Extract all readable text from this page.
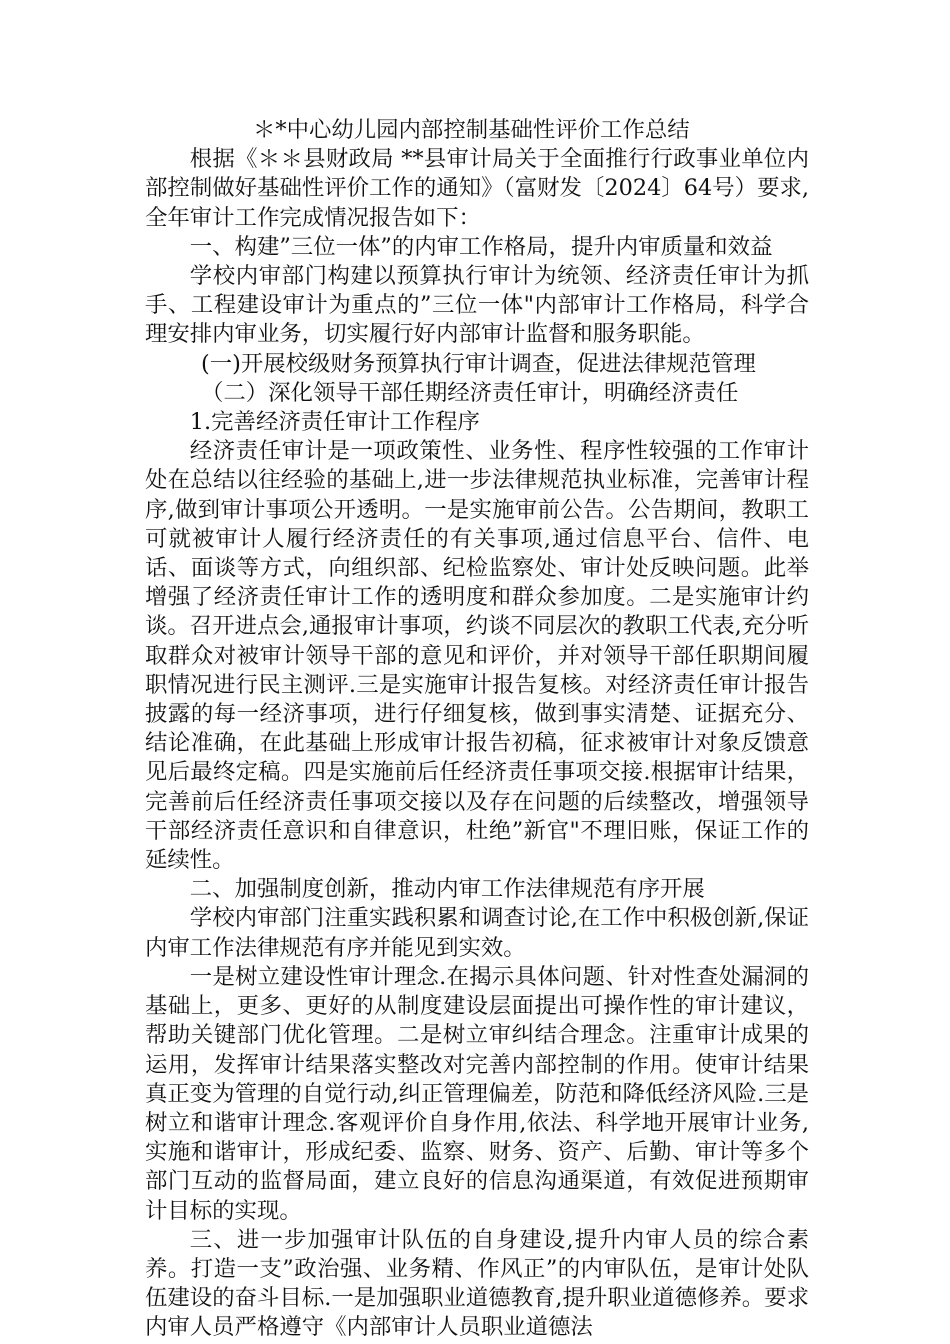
＊*中心幼儿园内部控制基础性评价工作总结

根据《＊＊县财政局 **县审计局关于全面推行行政事业单位内部控制做好基础性评价工作的通知》（富财发〔2024〕64号）要求,全年审计工作完成情况报告如下：

一、构建”三位一体”的内审工作格局，提升内审质量和效益

学校内审部门构建以预算执行审计为统领、经济责任审计为抓手、工程建设审计为重点的”三位一体"内部审计工作格局，科学合理安排内审业务，切实履行好内部审计监督和服务职能。

(一)开展校级财务预算执行审计调查，促进法律规范管理

（二）深化领导干部任期经济责任审计，明确经济责任

1.完善经济责任审计工作程序

经济责任审计是一项政策性、业务性、程序性较强的工作审计处在总结以往经验的基础上,进一步法律规范执业标准，完善审计程序,做到审计事项公开透明。一是实施审前公告。公告期间，教职工可就被审计人履行经济责任的有关事项,通过信息平台、信件、电话、面谈等方式，向组织部、纪检监察处、审计处反映问题。此举增强了经济责任审计工作的透明度和群众参加度。二是实施审计约谈。召开进点会,通报审计事项，约谈不同层次的教职工代表,充分听取群众对被审计领导干部的意见和评价，并对领导干部任职期间履职情况进行民主测评.三是实施审计报告复核。对经济责任审计报告披露的每一经济事项，进行仔细复核，做到事实清楚、证据充分、结论准确，在此基础上形成审计报告初稿，征求被审计对象反馈意见后最终定稿。四是实施前后任经济责任事项交接.根据审计结果，完善前后任经济责任事项交接以及存在问题的后续整改，增强领导干部经济责任意识和自律意识，杜绝”新官"不理旧账，保证工作的延续性。

二、加强制度创新，推动内审工作法律规范有序开展

学校内审部门注重实践积累和调查讨论,在工作中积极创新,保证内审工作法律规范有序并能见到实效。

一是树立建设性审计理念.在揭示具体问题、针对性查处漏洞的基础上，更多、更好的从制度建设层面提出可操作性的审计建议，帮助关键部门优化管理。二是树立审纠结合理念。注重审计成果的运用，发挥审计结果落实整改对完善内部控制的作用。使审计结果真正变为管理的自觉行动,纠正管理偏差，防范和降低经济风险.三是树立和谐审计理念.客观评价自身作用,依法、科学地开展审计业务,实施和谐审计，形成纪委、监察、财务、资产、后勤、审计等多个部门互动的监督局面，建立良好的信息沟通渠道，有效促进预期审计目标的实现。

三、进一步加强审计队伍的自身建设,提升内审人员的综合素养。打造一支”政治强、业务精、作风正”的内审队伍，是审计处队伍建设的奋斗目标.一是加强职业道德教育,提升职业道德修养。要求内审人员严格遵守《内部审计人员职业道德法
